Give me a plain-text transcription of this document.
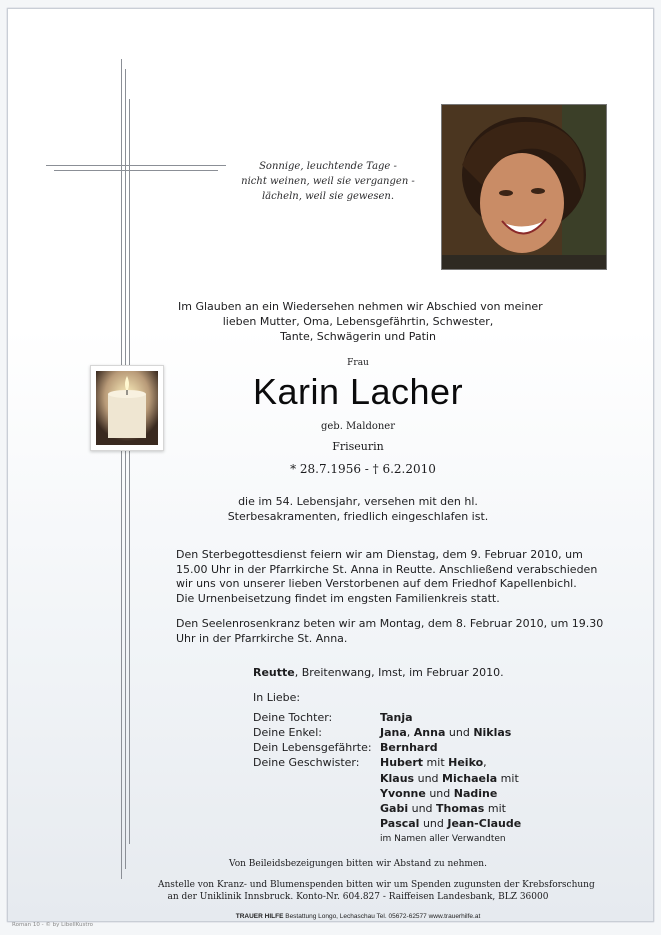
Sonnige, leuchtende Tage -
nicht weinen, weil sie vergangen -
lächeln, weil sie gewesen.
Im Glauben an ein Wiedersehen nehmen wir Abschied von meiner
lieben Mutter, Oma, Lebensgefährtin, Schwester,
Tante, Schwägerin und Patin
Frau
Karin Lacher
geb. Maldoner
Friseurin
* 28.7.1956 - † 6.2.2010
die im 54. Lebensjahr, versehen mit den hl.
Sterbesakramenten, friedlich eingeschlafen ist.
Den Sterbegottesdienst feiern wir am Dienstag, dem 9. Februar 2010, um
15.00 Uhr in der Pfarrkirche St. Anna in Reutte. Anschließend verabschieden
wir uns von unserer lieben Verstorbenen auf dem Friedhof Kapellenbichl.
Die Urnenbeisetzung findet im engsten Familienkreis statt.
Den Seelenrosenkranz beten wir am Montag, dem 8. Februar 2010, um 19.30
Uhr in der Pfarrkirche St. Anna.
Reutte, Breitenwang, Imst, im Februar 2010.
In Liebe:
Deine Tochter:	Tanja
Deine Enkel:	Jana, Anna und Niklas
Dein Lebensgefährte: Bernhard
Deine Geschwister: Hubert mit Heiko,
Klaus und Michaela mit
Yvonne und Nadine
Gabi und Thomas mit
Pascal und Jean-Claude
im Namen aller Verwandten
Von Beileidsbezeigungen bitten wir Abstand zu nehmen.
Anstelle von Kranz- und Blumenspenden bitten wir um Spenden zugunsten der Krebsforschung
an der Uniklinik Innsbruck. Konto-Nr. 604.827 - Raiffeisen Landesbank, BLZ 36000
TRAUER HILFE Bestattung Longo, Lechaschau Tel. 05672-62577 www.trauerhilfe.at
Roman 10 - © by LibellKustro
